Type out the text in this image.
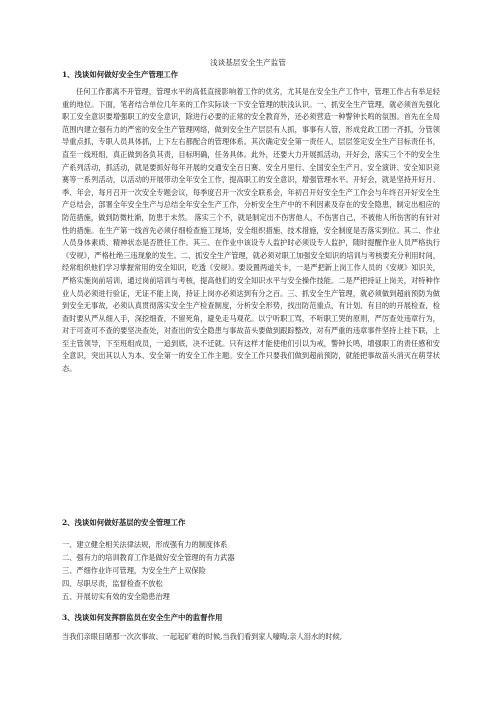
浅谈基层安全生产监管
1、浅谈如何做好安全生产管理工作

任何工作都离不开管理，管理水平的高低直接影响着工作的优劣，尤其是在安全生产工作中，管理工作占有举足轻重的地位。下面，笔者结合单位几年来的工作实际谈一下安全管理的肤浅认识。一、抓安全生产管理，就必须首先强化职工安全意识要增强职工的安全意识，除进行必要的正常的安全教育外，还必须营造一种警钟长鸣的氛围。首先在全局范围内建立强有力的严密的安全生产管理网络，做到安全生产层层有人抓，事事有人管，形成党政工团一齐抓，分管领导重点抓，专职人员具体抓，上下左右都配合的管理体系。其次确定安全第一责任人，层层签定安全生产目标责任书，直至一线班组，真正做到各负其责，目标明确，任务具体。此外，还要大力开展抓活动，开好会，落实三个不的安全生产系列活动，抓活动，就是要抓好每年开展的交通安全百日赛、安全月里行、全国安全生产月、安全演讲、安全知识竞赛等一系列活动，以活动的开展带动全年安全工作，提高职工的安全意识，增强管理水平。开好会，就是坚持开好月、季、年会，每月召开一次安全专题会议，每季度召开一次安全联系会，年初召开好安全生产工作会与年终召开好安全生产总结会，部署全年安全生产与总结全年安全生产工作，分析安全生产中的不利因素及存在的安全隐患，制定出相应的防范措施，做到防微杜渐，防患于未然。 落实三个不，就是制定出不伤害他人，不伤害自己，不被他人所伤害的有针对性的措施。在生产第一线首先必须仔细检查施工现场，安全组织措施、技术措施，安全制度是否落实到位。其二、作业人员身体素质、精神状态是否胜任工作。其三、在作业中该设专人监护时必须设专人监护，随时提醒作业人员严格执行《安规》，严格杜绝三违现象的发生。二、抓安全生产管理，就必须对职工加强安全知识的培训与考核要充分利用时间，经常组织他们学习掌握常用的安全知识，吃透《安规》。要设置两道关卡，一是严把新上岗工作人员的《安规》知识关，严格实施岗前培训，通过岗前培训与考核，提高他们的安全知识水平与安全操作技能。二是严把持证上岗关，对特种作业人员必须进行验证，无证不能上岗，持证上岗亦必须达到有分之百。三、抓安全生产管理，就必须做到超前预防为做到安全无事故，必须认真贯彻落实安全生产检查制度，分析安全形势，找出防范重点，有计划、有目的的开展检查，检查时要从严从细入手，深挖细查，不留死角，避免走马观花。以宁听职工骂，不听职工哭的原则，严厉查处违章行为，对于可查可不查的要坚决查处，对查出的安全隐患与事故苗头要做到跟踪整改，对有严重的违章事件坚持上挂下联，上至主管领导，下至班组成员，一追到底，决不迁就。只有这样才能使他们引以为戒，警钟长鸣，增强职工的责任感和安全意识，突出其以人为本、安全第一的安全工作主题。安全工作只要我们做到超前预防，就能把事故苗头消灭在萌芽状态。

2、浅谈如何做好基层的安全管理工作
一、建立健全相关法律法规，形成强有力的制度体系
二、强有力的培训教育工作是做好安全管理的有力武器
三、严细作业许可管理，为安全生产上双保险
四、尽职尽责，监督检查不放松
五、开展切实有效的安全隐患治理
3、浅谈如何发挥群监员在安全生产中的监督作用

当我们亲眼目睹那一次次事故、一起起矿难的时候,当我们看到家人嚎啕,亲人泪水的时候,
